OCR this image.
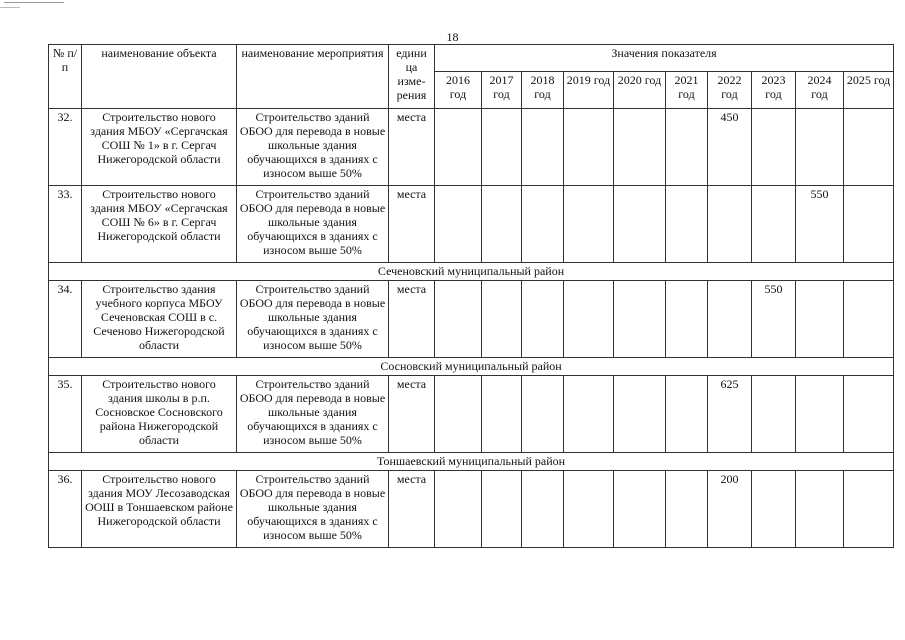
18
№ п/п	наименование объекта	наименование мероприятия	едини ца изме- рения	Значения показателя									
				2016 год	2017 год	2018 год	2019 год	2020 год	2021 год	2022 год	2023 год	2024 год	2025 год
32.	Строительство нового здания МБОУ «Сергачская СОШ № 1» в г. Сергач Нижегородской области	Строительство зданий ОБОО для перевода в новые школьные здания обучающихся в зданиях с износом выше 50%	места							450			
33.	Строительство нового здания МБОУ «Сергачская СОШ № 6» в г. Сергач Нижегородской области	Строительство зданий ОБОО для перевода в новые школьные здания обучающихся в зданиях с износом выше 50%	места									550	
Сеченовский муниципальный район													
34.	Строительство здания учебного корпуса МБОУ Сеченовская СОШ в с. Сеченово Нижегородской области	Строительство зданий ОБОО для перевода в новые школьные здания обучающихся в зданиях с износом выше 50%	места								550		
Сосновский муниципальный район													
35.	Строительство нового здания школы в р.п. Сосновское Сосновского района Нижегородской области	Строительство зданий ОБОО для перевода в новые школьные здания обучающихся в зданиях с износом выше 50%	места							625			
Тоншаевский муниципальный район													
36.	Строительство нового здания МОУ Лесозаводская ООШ в Тоншаевском районе Нижегородской области	Строительство зданий ОБОО для перевода в новые школьные здания обучающихся в зданиях с износом выше 50%	места							200			
